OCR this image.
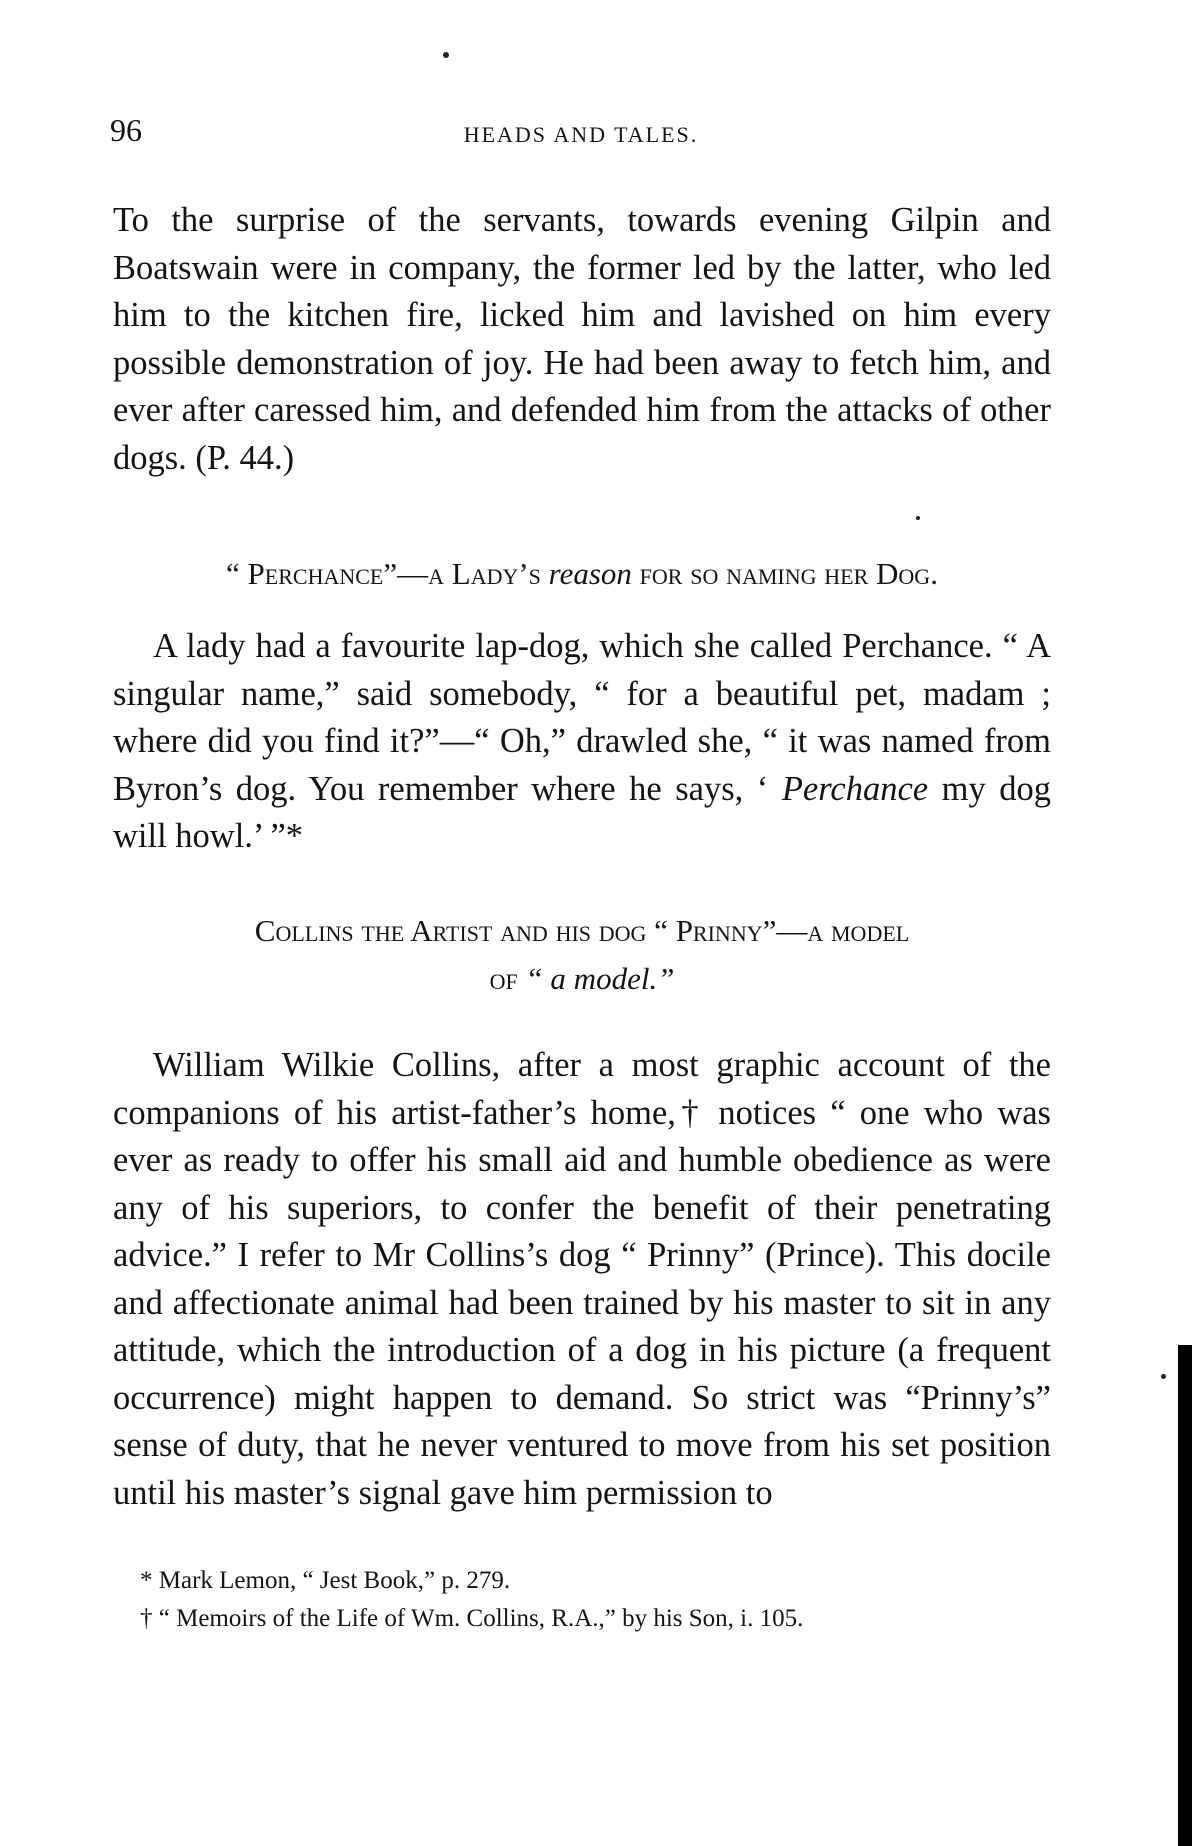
96	HEADS AND TALES.

To the surprise of the servants, towards evening Gilpin and Boatswain were in company, the former led by the latter, who led him to the kitchen fire, licked him and lavished on him every possible demonstration of joy. He had been away to fetch him, and ever after caressed him, and defended him from the attacks of other dogs. (P. 44.)

“ Perchance”—a Lady’s reason for so naming her Dog.

A lady had a favourite lap-dog, which she called Perchance. “ A singular name,” said somebody, “ for a beautiful pet, madam ; where did you find it?”—“ Oh,” drawled she, “ it was named from Byron’s dog. You remember where he says, ‘ Perchance my dog will howl.’ ”*

Collins the Artist and his dog “ Prinny”—a model
of “ a model.”

William Wilkie Collins, after a most graphic account of the companions of his artist-father’s home,† notices “ one who was ever as ready to offer his small aid and humble obedience as were any of his superiors, to confer the benefit of their penetrating advice.” I refer to Mr Collins’s dog “ Prinny” (Prince). This docile and affectionate animal had been trained by his master to sit in any attitude, which the introduction of a dog in his picture (a frequent occurrence) might happen to demand. So strict was “Prinny’s” sense of duty, that he never ventured to move from his set position until his master’s signal gave him permission to

* Mark Lemon, “ Jest Book,” p. 279.

† “ Memoirs of the Life of Wm. Collins, R.A.,” by his Son, i. 105.
